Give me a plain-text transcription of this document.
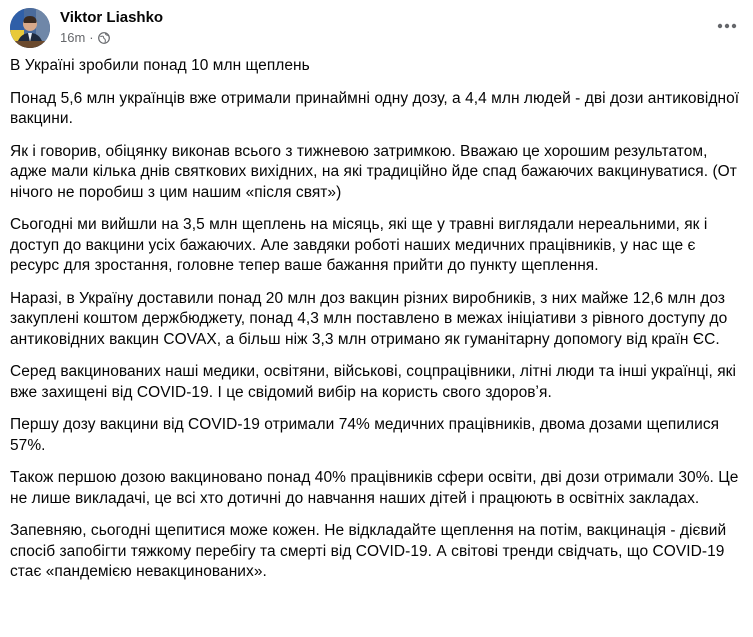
Viktor Liashko
16m ·

В Україні зробили понад 10 млн щеплень

Понад 5,6 млн українців вже отримали принаймні одну дозу, а 4,4 млн людей - дві дози антиковідної вакцини.

Як і говорив, обіцянку виконав всього з тижневою затримкою. Вважаю це хорошим результатом, адже мали кілька днів святкових вихідних, на які традиційно йде спад бажаючих вакцинуватися. (От нічого не поробиш з цим нашим «після свят»)

Сьогодні ми вийшли на 3,5 млн щеплень на місяць, які ще у травні виглядали нереальними, як і доступ до вакцини усіх бажаючих. Але завдяки роботі наших медичних працівників, у нас ще є ресурс для зростання, головне тепер ваше бажання прийти до пункту щеплення.

Наразі, в Україну доставили понад 20 млн доз вакцин різних виробників, з них майже 12,6 млн доз закуплені коштом держбюджету, понад 4,3 млн поставлено в межах ініціативи з рівного доступу до антиковідних вакцин COVAX, а більш ніж 3,3 млн отримано як гуманітарну допомогу від країн ЄС.

Серед вакцинованих наші медики, освітяни, військові, соцпрацівники, літні люди та інші українці, які вже захищені від COVID-19. І це свідомий вибір на користь свого здоровʼя.

Першу дозу вакцини від COVID-19 отримали 74% медичних працівників, двома дозами щепилися 57%.

Також першою дозою вакциновано понад 40% працівників сфери освіти, дві дози отримали 30%. Це не лише викладачі, це всі хто дотичні до навчання наших дітей і працюють в освітніх закладах.

Запевняю, сьогодні щепитися може кожен. Не відкладайте щеплення на потім, вакцинація - дієвий спосіб запобігти тяжкому перебігу та смерті від COVID-19. А світові тренди свідчать, що COVID-19 стає «пандемією невакцинованих».
